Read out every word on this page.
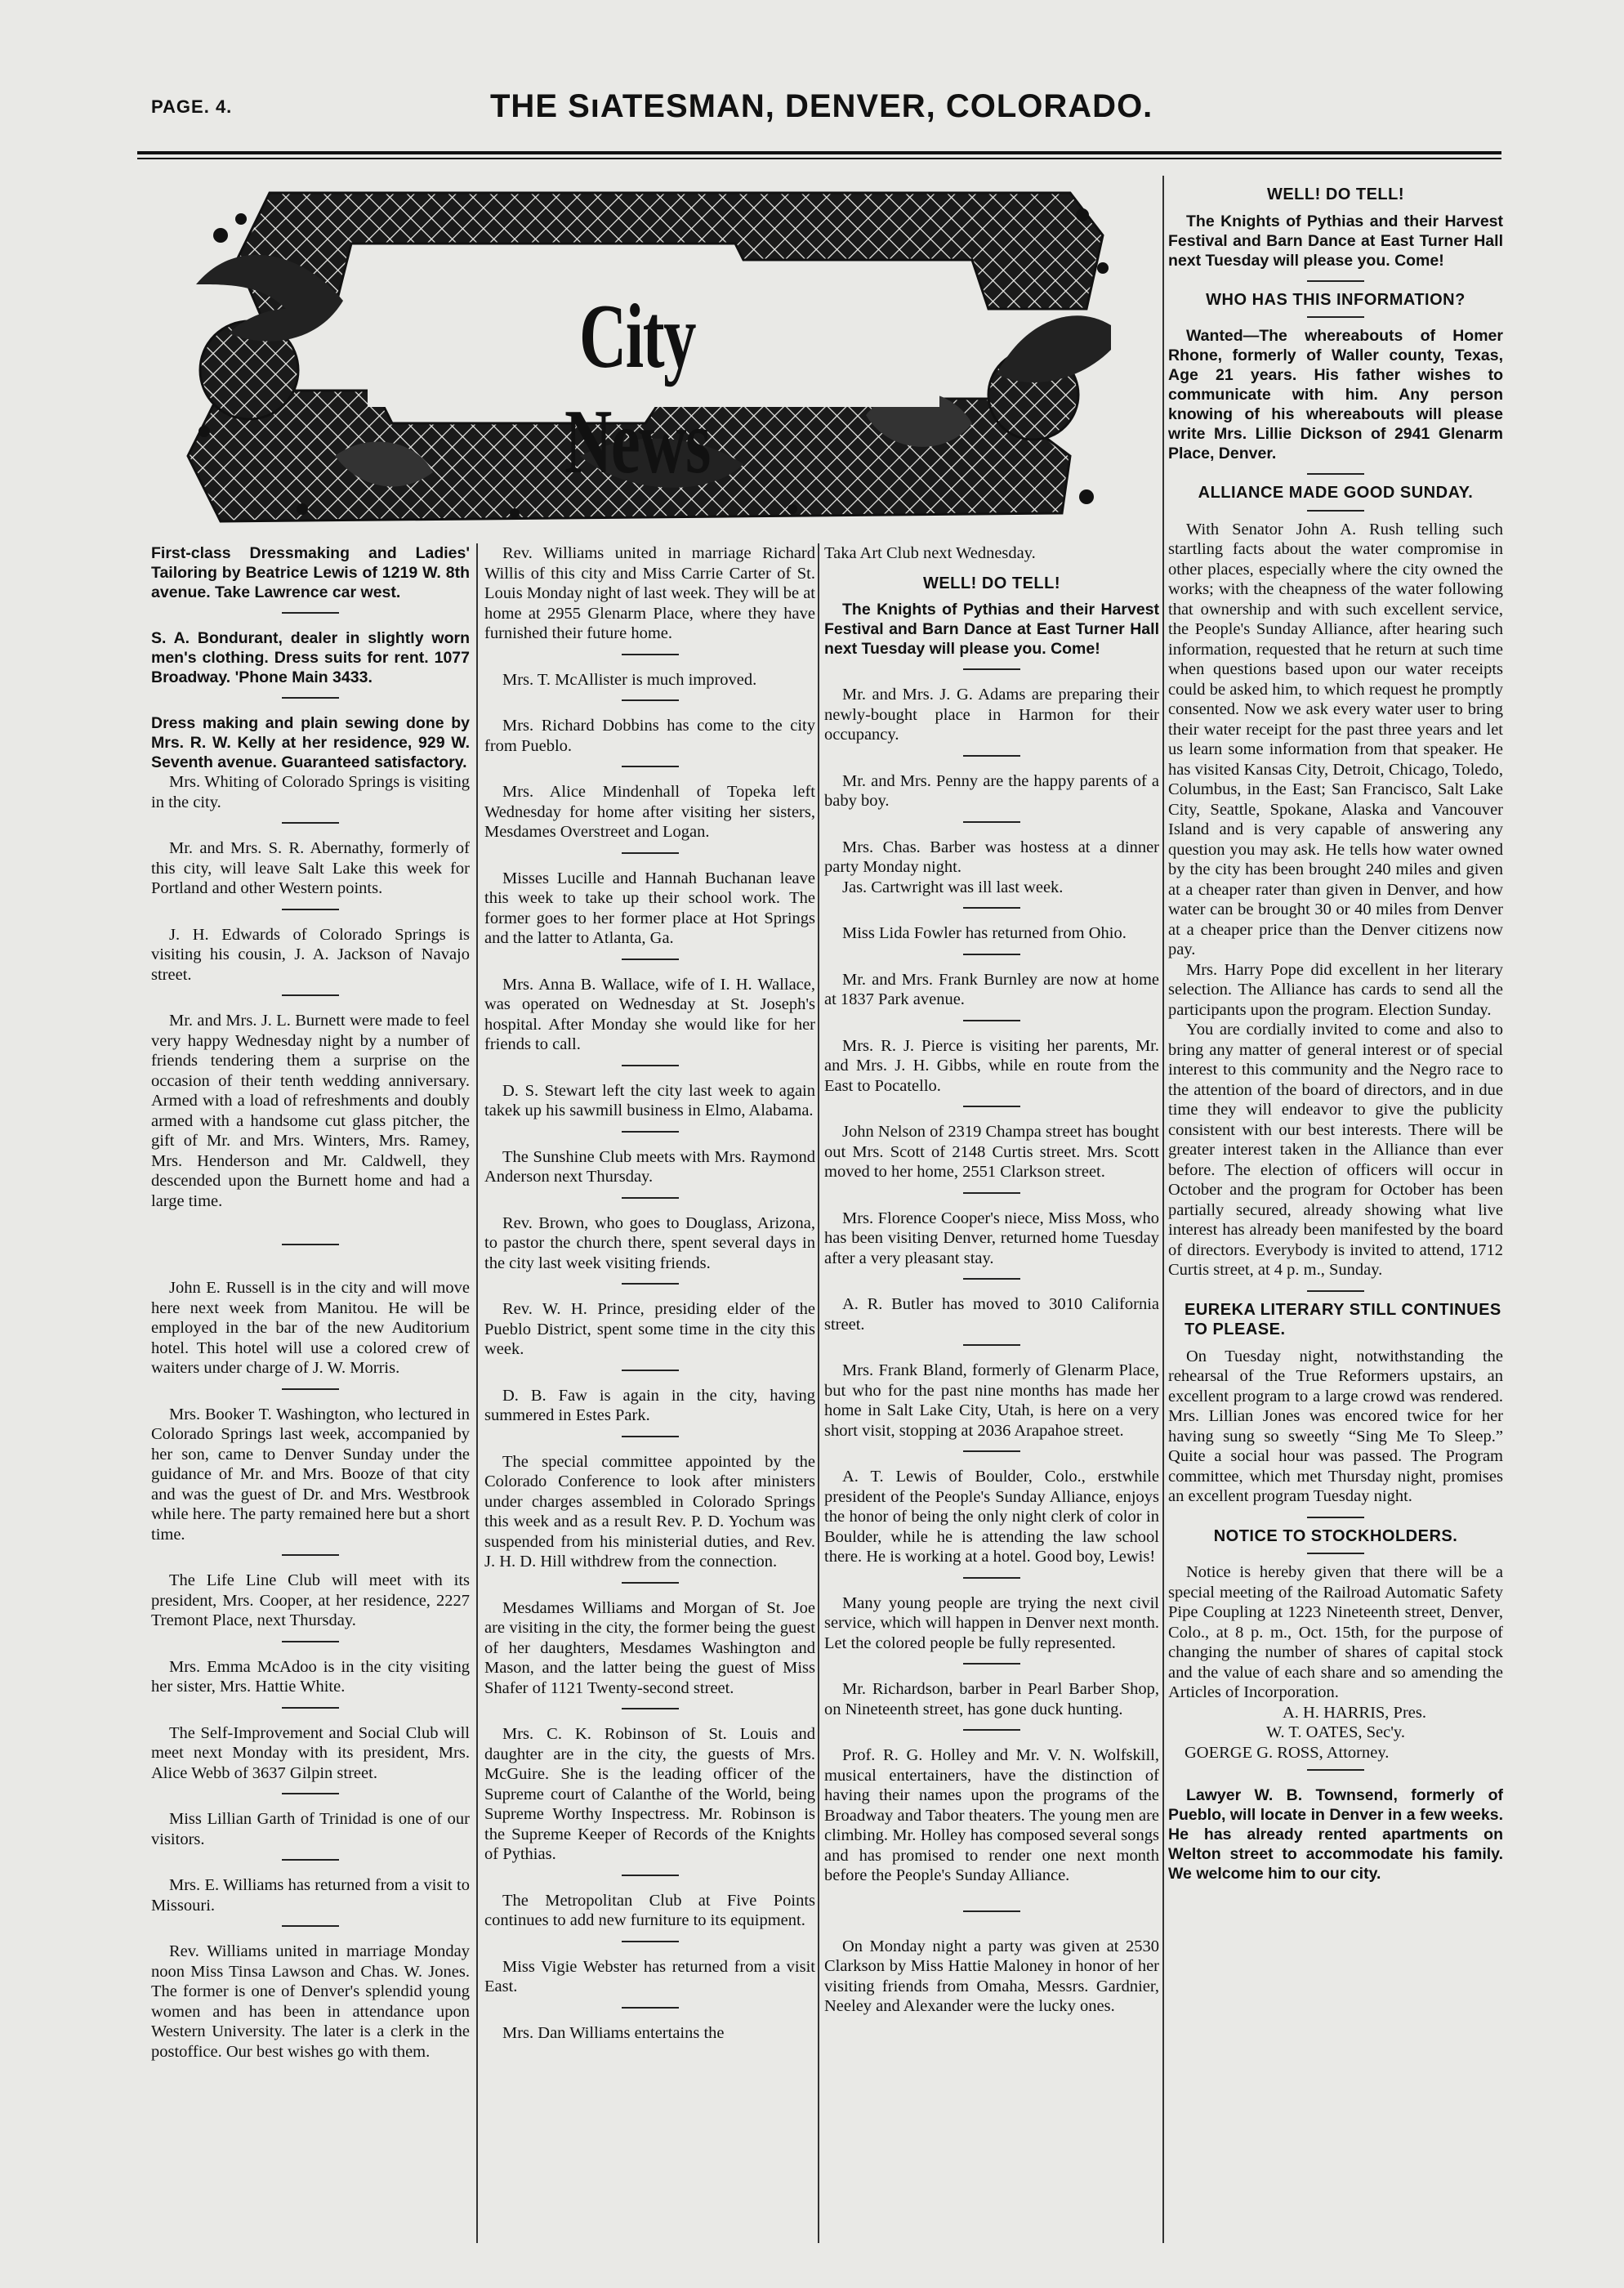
PAGE. 4.	THE SıATESMAN, DENVER, COLORADO.
City News

First-class Dressmaking and Ladies' Tailoring by Beatrice Lewis of 1219 W. 8th avenue. Take Lawrence car west.

S. A. Bondurant, dealer in slightly worn men's clothing. Dress suits for rent. 1077 Broadway. 'Phone Main 3433.

Dress making and plain sewing done by Mrs. R. W. Kelly at her residence, 929 W. Seventh avenue. Guaranteed satisfactory.

Mrs. Whiting of Colorado Springs is visiting in the city.

Mr. and Mrs. S. R. Abernathy, formerly of this city, will leave Salt Lake this week for Portland and other Western points.

J. H. Edwards of Colorado Springs is visiting his cousin, J. A. Jackson of Navajo street.

Mr. and Mrs. J. L. Burnett were made to feel very happy Wednesday night by a number of friends tendering them a surprise on the occasion of their tenth wedding anniversary. Armed with a load of refreshments and doubly armed with a handsome cut glass pitcher, the gift of Mr. and Mrs. Winters, Mrs. Ramey, Mrs. Henderson and Mr. Caldwell, they descended upon the Burnett home and had a large time.

John E. Russell is in the city and will move here next week from Manitou. He will be employed in the bar of the new Auditorium hotel. This hotel will use a colored crew of waiters under charge of J. W. Morris.

Mrs. Booker T. Washington, who lectured in Colorado Springs last week, accompanied by her son, came to Denver Sunday under the guidance of Mr. and Mrs. Booze of that city and was the guest of Dr. and Mrs. Westbrook while here. The party remained here but a short time.

The Life Line Club will meet with its president, Mrs. Cooper, at her residence, 2227 Tremont Place, next Thursday.

Mrs. Emma McAdoo is in the city visiting her sister, Mrs. Hattie White.

The Self-Improvement and Social Club will meet next Monday with its president, Mrs. Alice Webb of 3637 Gilpin street.

Miss Lillian Garth of Trinidad is one of our visitors.

Mrs. E. Williams has returned from a visit to Missouri.

Rev. Williams united in marriage Monday noon Miss Tinsa Lawson and Chas. W. Jones. The former is one of Denver's splendid young women and has been in attendance upon Western University. The later is a clerk in the postoffice. Our best wishes go with them.

Rev. Williams united in marriage Richard Willis of this city and Miss Carrie Carter of St. Louis Monday night of last week. They will be at home at 2955 Glenarm Place, where they have furnished their future home.

Mrs. T. McAllister is much improved.

Mrs. Richard Dobbins has come to the city from Pueblo.

Mrs. Alice Mindenhall of Topeka left Wednesday for home after visiting her sisters, Mesdames Overstreet and Logan.

Misses Lucille and Hannah Buchanan leave this week to take up their school work. The former goes to her former place at Hot Springs and the latter to Atlanta, Ga.

Mrs. Anna B. Wallace, wife of I. H. Wallace, was operated on Wednesday at St. Joseph's hospital. After Monday she would like for her friends to call.

D. S. Stewart left the city last week to again takek up his sawmill business in Elmo, Alabama.

The Sunshine Club meets with Mrs. Raymond Anderson next Thursday.

Rev. Brown, who goes to Douglass, Arizona, to pastor the church there, spent several days in the city last week visiting friends.

Rev. W. H. Prince, presiding elder of the Pueblo District, spent some time in the city this week.

D. B. Faw is again in the city, having summered in Estes Park.

The special committee appointed by the Colorado Conference to look after ministers under charges assembled in Colorado Springs this week and as a result Rev. P. D. Yochum was suspended from his ministerial duties, and Rev. J. H. D. Hill withdrew from the connection.

Mesdames Williams and Morgan of St. Joe are visiting in the city, the former being the guest of her daughters, Mesdames Washington and Mason, and the latter being the guest of Miss Shafer of 1121 Twenty-second street.

Mrs. C. K. Robinson of St. Louis and daughter are in the city, the guests of Mrs. McGuire. She is the leading officer of the Supreme court of Calanthe of the World, being Supreme Worthy Inspectress. Mr. Robinson is the Supreme Keeper of Records of the Knights of Pythias.

The Metropolitan Club at Five Points continues to add new furniture to its equipment.

Miss Vigie Webster has returned from a visit East.

Mrs. Dan Williams entertains the

Taka Art Club next Wednesday.

WELL! DO TELL!

The Knights of Pythias and their Harvest Festival and Barn Dance at East Turner Hall next Tuesday will please you. Come!

Mr. and Mrs. J. G. Adams are preparing their newly-bought place in Harmon for their occupancy.

Mr. and Mrs. Penny are the happy parents of a baby boy.

Mrs. Chas. Barber was hostess at a dinner party Monday night.

Jas. Cartwright was ill last week.

Miss Lida Fowler has returned from Ohio.

Mr. and Mrs. Frank Burnley are now at home at 1837 Park avenue.

Mrs. R. J. Pierce is visiting her parents, Mr. and Mrs. J. H. Gibbs, while en route from the East to Pocatello.

John Nelson of 2319 Champa street has bought out Mrs. Scott of 2148 Curtis street. Mrs. Scott moved to her home, 2551 Clarkson street.

Mrs. Florence Cooper's niece, Miss Moss, who has been visiting Denver, returned home Tuesday after a very pleasant stay.

A. R. Butler has moved to 3010 California street.

Mrs. Frank Bland, formerly of Glenarm Place, but who for the past nine months has made her home in Salt Lake City, Utah, is here on a very short visit, stopping at 2036 Arapahoe street.

A. T. Lewis of Boulder, Colo., erstwhile president of the People's Sunday Alliance, enjoys the honor of being the only night clerk of color in Boulder, while he is attending the law school there. He is working at a hotel. Good boy, Lewis!

Many young people are trying the next civil service, which will happen in Denver next month. Let the colored people be fully represented.

Mr. Richardson, barber in Pearl Barber Shop, on Nineteenth street, has gone duck hunting.

Prof. R. G. Holley and Mr. V. N. Wolfskill, musical entertainers, have the distinction of having their names upon the programs of the Broadway and Tabor theaters. The young men are climbing. Mr. Holley has composed several songs and has promised to render one next month before the People's Sunday Alliance.

On Monday night a party was given at 2530 Clarkson by Miss Hattie Maloney in honor of her visiting friends from Omaha, Messrs. Gardnier, Neeley and Alexander were the lucky ones.

WELL! DO TELL!

The Knights of Pythias and their Harvest Festival and Barn Dance at East Turner Hall next Tuesday will please you. Come!

WHO HAS THIS INFORMATION?

Wanted—The whereabouts of Homer Rhone, formerly of Waller county, Texas, Age 21 years. His father wishes to communicate with him. Any person knowing of his whereabouts will please write Mrs. Lillie Dickson of 2941 Glenarm Place, Denver.

ALLIANCE MADE GOOD SUNDAY.

With Senator John A. Rush telling such startling facts about the water compromise in other places, especially where the city owned the works; with the cheapness of the water following that ownership and with such excellent service, the People's Sunday Alliance, after hearing such information, requested that he return at such time when questions based upon our water receipts could be asked him, to which request he promptly consented. Now we ask every water user to bring their water receipt for the past three years and let us learn some information from that speaker. He has visited Kansas City, Detroit, Chicago, Toledo, Columbus, in the East; San Francisco, Salt Lake City, Seattle, Spokane, Alaska and Vancouver Island and is very capable of answering any question you may ask. He tells how water owned by the city has been brought 240 miles and given at a cheaper rater than given in Denver, and how water can be brought 30 or 40 miles from Denver at a cheaper price than the Denver citizens now pay.

Mrs. Harry Pope did excellent in her literary selection. The Alliance has cards to send all the participants upon the program. Election Sunday.

You are cordially invited to come and also to bring any matter of general interest or of special interest to this community and the Negro race to the attention of the board of directors, and in due time they will endeavor to give the publicity consistent with our best interests. There will be greater interest taken in the Alliance than ever before. The election of officers will occur in October and the program for October has been partially secured, already showing what live interest has already been manifested by the board of directors. Everybody is invited to attend, 1712 Curtis street, at 4 p. m., Sunday.

EUREKA LITERARY STILL CONTINUES TO PLEASE.

On Tuesday night, notwithstanding the rehearsal of the True Reformers upstairs, an excellent program to a large crowd was rendered. Mrs. Lillian Jones was encored twice for her having sung so sweetly “Sing Me To Sleep.” Quite a social hour was passed. The Program committee, which met Thursday night, promises an excellent program Tuesday night.

NOTICE TO STOCKHOLDERS.

Notice is hereby given that there will be a special meeting of the Railroad Automatic Safety Pipe Coupling at 1223 Nineteenth street, Denver, Colo., at 8 p. m., Oct. 15th, for the purpose of changing the number of shares of capital stock and the value of each share and so amending the Articles of Incorporation.

A. H. HARRIS, Pres.

W. T. OATES, Sec'y.

GOERGE G. ROSS, Attorney.

Lawyer W. B. Townsend, formerly of Pueblo, will locate in Denver in a few weeks. He has already rented apartments on Welton street to accommodate his family. We welcome him to our city.
